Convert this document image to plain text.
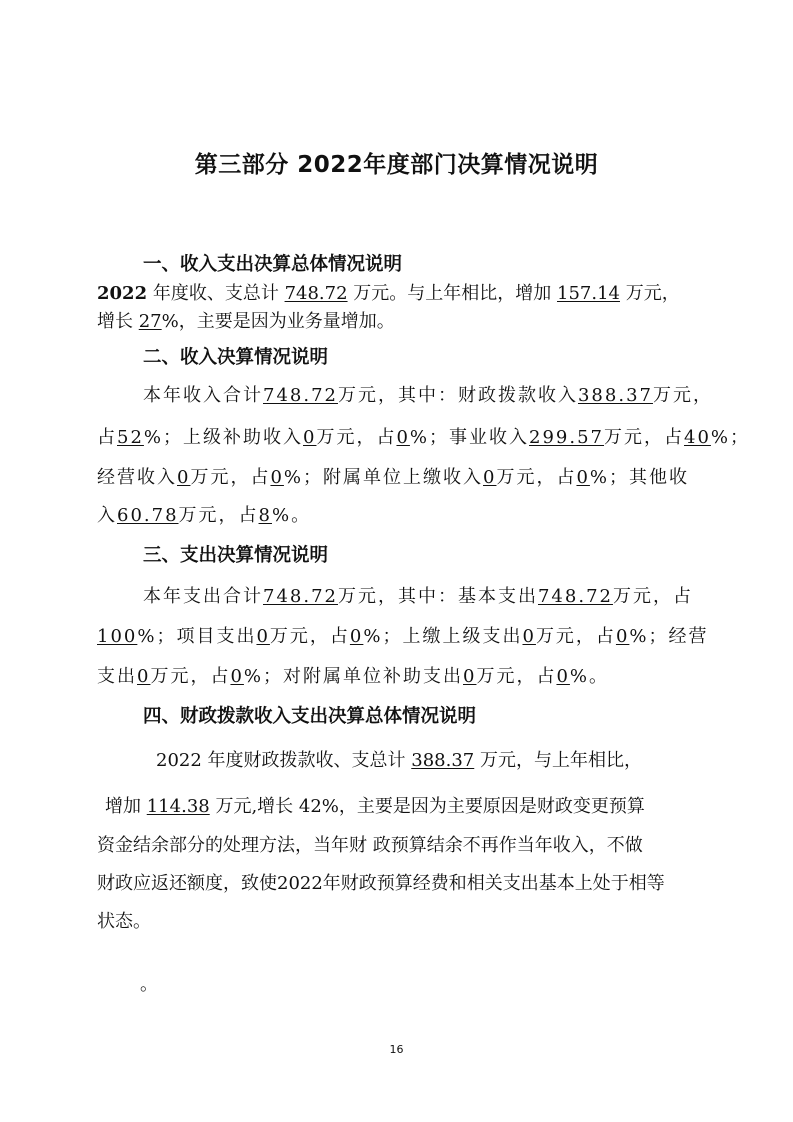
第三部分 2022年度部门决算情况说明
一、收入支出决算总体情况说明
2022 年度收、支总计 748.72 万元。与上年相比，增加 157.14 万元，
增长 27%，主要是因为业务量增加。
二、收入决算情况说明
本年收入合计748.72万元，其中：财政拨款收入388.37万元，
占52%；上级补助收入0万元，占0%；事业收入299.57万元，占40%；
经营收入0万元，占0%；附属单位上缴收入0万元，占0%；其他收
入60.78万元，占8%。
三、支出决算情况说明
本年支出合计748.72万元，其中：基本支出748.72万元，占
100%；项目支出0万元，占0%；上缴上级支出0万元，占0%；经营
支出0万元，占0%；对附属单位补助支出0万元，占0%。
四、财政拨款收入支出决算总体情况说明
2022 年度财政拨款收、支总计 388.37 万元，与上年相比，
增加 114.38 万元,增长 42%，主要是因为主要原因是财政变更预算
资金结余部分的处理方法，当年财 政预算结余不再作当年收入，不做
财政应返还额度，致使2022年财政预算经费和相关支出基本上处于相等
状态。
。
16
